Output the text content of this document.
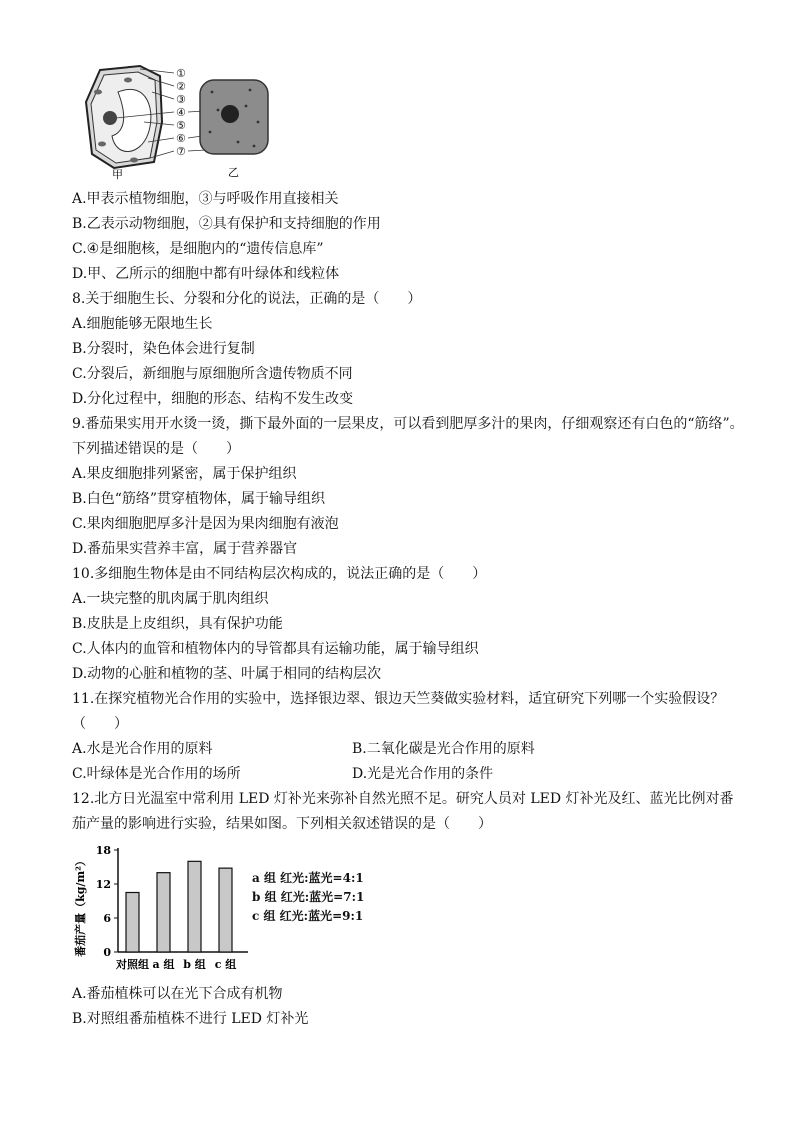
①
②
③
④
⑤
⑥
⑦
甲	乙
A.甲表示植物细胞，③与呼吸作用直接相关
B.乙表示动物细胞，②具有保护和支持细胞的作用
C.④是细胞核，是细胞内的“遗传信息库”
D.甲、乙所示的细胞中都有叶绿体和线粒体
8.关于细胞生长、分裂和分化的说法，正确的是（　　）
A.细胞能够无限地生长
B.分裂时，染色体会进行复制
C.分裂后，新细胞与原细胞所含遗传物质不同
D.分化过程中，细胞的形态、结构不发生改变
9.番茄果实用开水烫一烫，撕下最外面的一层果皮，可以看到肥厚多汁的果肉，仔细观察还有白色的“筋络”。
下列描述错误的是（　　）
A.果皮细胞排列紧密，属于保护组织
B.白色“筋络”贯穿植物体，属于输导组织
C.果肉细胞肥厚多汁是因为果肉细胞有液泡
D.番茄果实营养丰富，属于营养器官
10.多细胞生物体是由不同结构层次构成的，说法正确的是（　　）
A.一块完整的肌肉属于肌肉组织
B.皮肤是上皮组织，具有保护功能
C.人体内的血管和植物体内的导管都具有运输功能，属于输导组织
D.动物的心脏和植物的茎、叶属于相同的结构层次
11.在探究植物光合作用的实验中，选择银边翠、银边天竺葵做实验材料，适宜研究下列哪一个实验假设？
（　　）
A.水是光合作用的原料	B.二氧化碳是光合作用的原料
C.叶绿体是光合作用的场所	D.光是光合作用的条件
12.北方日光温室中常利用 LED 灯补光来弥补自然光照不足。研究人员对 LED 灯补光及红、蓝光比例对番
茄产量的影响进行实验，结果如图。下列相关叙述错误的是（　　）
番茄产量（kg/m²） 0
6
12
18
对照组 a 组 b 组 c 组
a 组 红光:蓝光=4:1
b 组 红光:蓝光=7:1
c 组 红光:蓝光=9:1
A.番茄植株可以在光下合成有机物
B.对照组番茄植株不进行 LED 灯补光
